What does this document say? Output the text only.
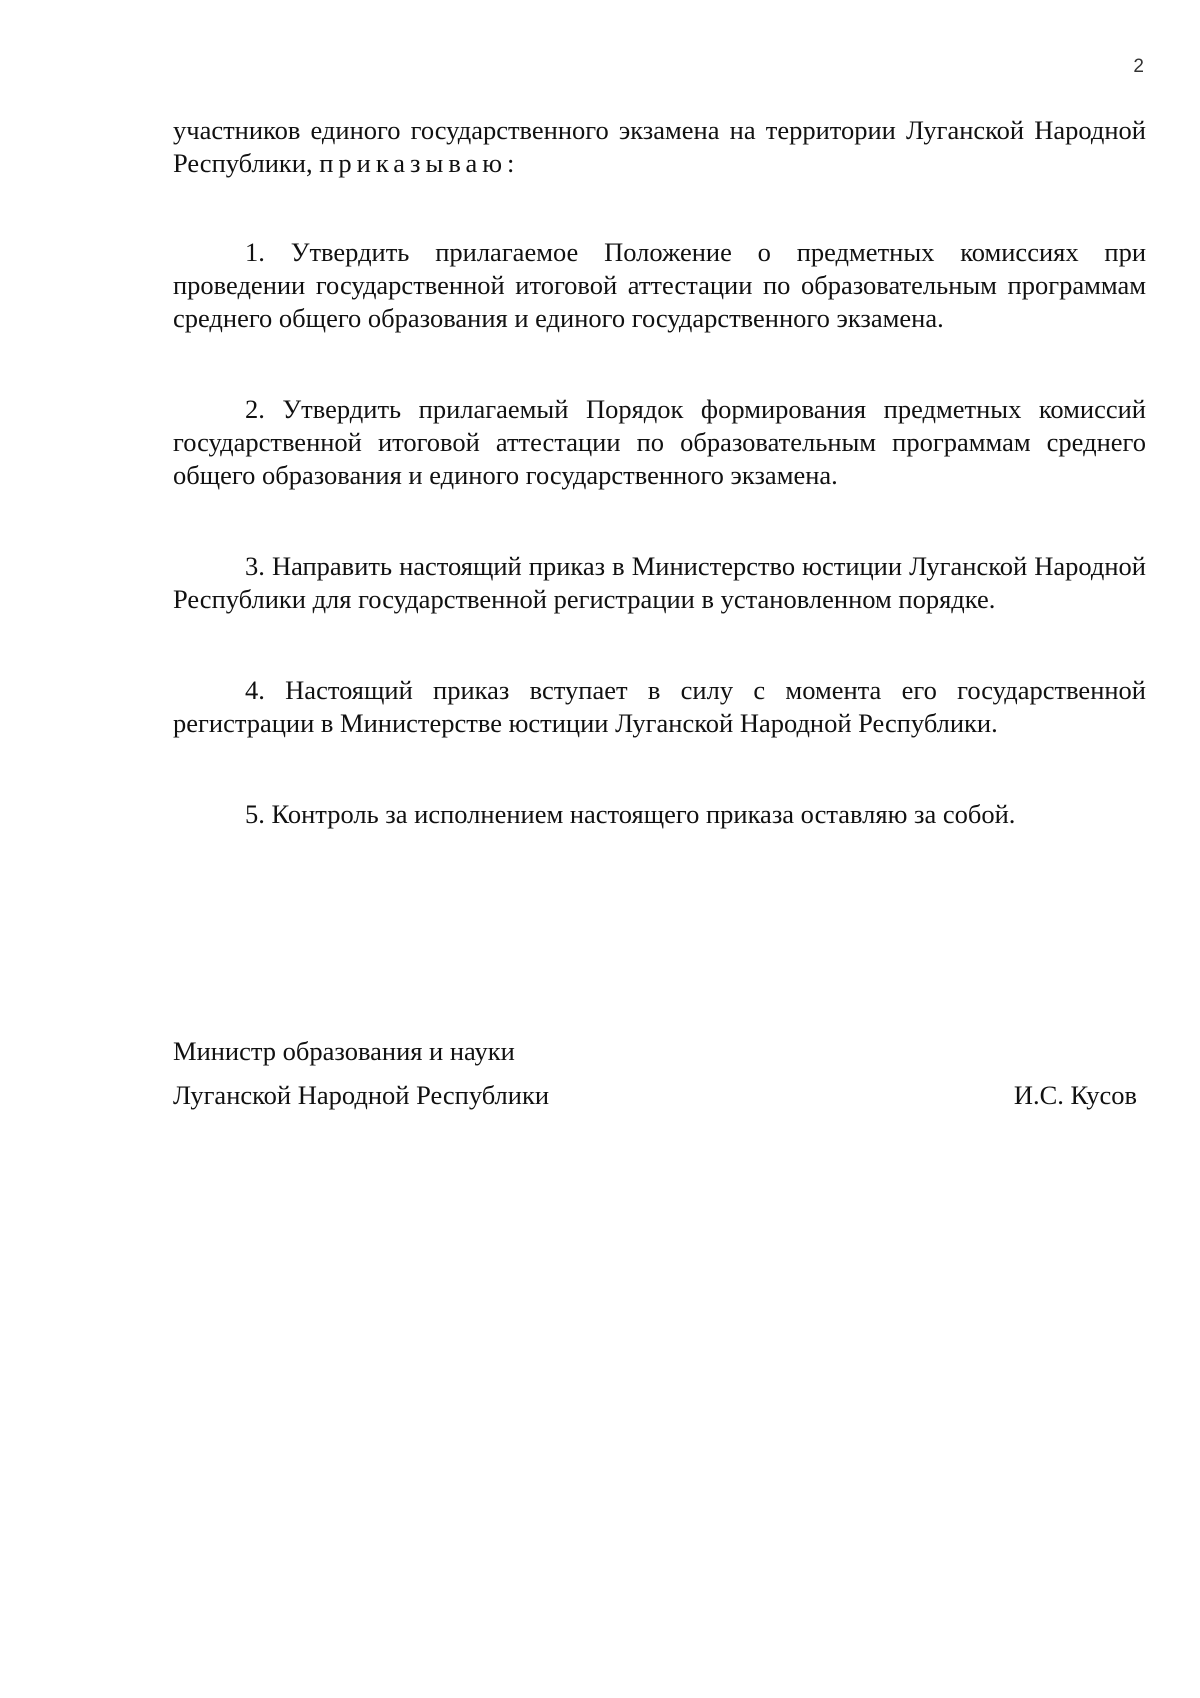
2

участников единого государственного экзамена на территории Луганской Народной Республики, приказываю:

1. Утвердить прилагаемое Положение о предметных комиссиях при проведении государственной итоговой аттестации по образовательным программам среднего общего образования и единого государственного экзамена.

2. Утвердить прилагаемый Порядок формирования предметных комиссий государственной итоговой аттестации по образовательным программам среднего общего образования и единого государственного экзамена.

3. Направить настоящий приказ в Министерство юстиции Луганской Народной Республики для государственной регистрации в установленном порядке.

4. Настоящий приказ вступает в силу с момента его государственной регистрации в Министерстве юстиции Луганской Народной Республики.

5. Контроль за исполнением настоящего приказа оставляю за собой.

Министр образования и науки
Луганской Народной Республики	И.С. Кусов
